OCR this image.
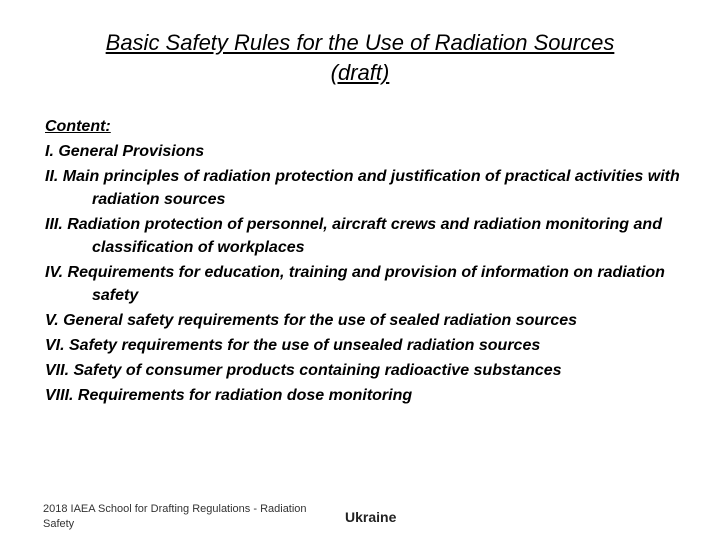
Basic Safety Rules for the Use of Radiation Sources
(draft)
Content:
I. General Provisions
II. Main principles of radiation protection and justification of practical activities with radiation sources
III. Radiation protection of personnel, aircraft crews and radiation monitoring and classification of workplaces
IV. Requirements for education, training and provision of information on radiation safety
V. General safety requirements for the use of sealed radiation sources
VI. Safety requirements for the use of unsealed radiation sources
VII. Safety of consumer products containing radioactive substances
VIII. Requirements for radiation dose monitoring
2018 IAEA School for Drafting Regulations - Radiation Safety	Ukraine
